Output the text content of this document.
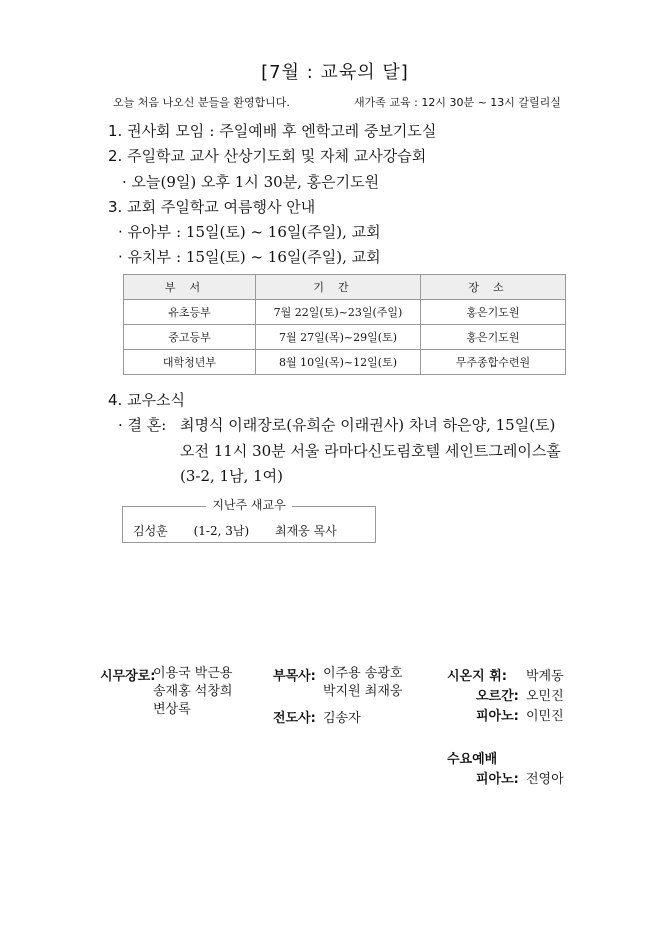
[7월 : 교육의 달]
오늘 처음 나오신 분들을 환영합니다.	새가족 교육 : 12시 30분 ~ 13시 갈릴리실
1. 권사회 모임 : 주일예배 후 엔학고레 중보기도실
2. 주일학교 교사 산상기도회 및 자체 교사강습회
· 오늘(9일) 오후 1시 30분, 홍은기도원
3. 교회 주일학교 여름행사 안내
· 유아부 : 15일(토) ~ 16일(주일), 교회
· 유치부 : 15일(토) ~ 16일(주일), 교회
부서	기간	장소
유초등부	7월 22일(토)~23일(주일)	홍은기도원
중고등부	7월 27일(목)~29일(토)	홍은기도원
대학청년부	8월 10일(목)~12일(토)	무주종합수련원
4. 교우소식
· 결 혼: 최명식 이래장로(유희순 이래권사) 차녀 하은양, 15일(토)
오전 11시 30분 서울 라마다신도림호텔 세인트그레이스홀
(3-2, 1남, 1여)
지난주 새교우
김성훈 (1-2, 3남) 최재웅 목사
시무장로:
이용국 박근용
송재홍 석창희
변상록
부목사: 이주용 송광호
박지원 최재웅
전도사: 김송자
시온지 휘: 박계동
오르간: 오민진
피아노: 이민진
수요예배
피아노: 전영아
